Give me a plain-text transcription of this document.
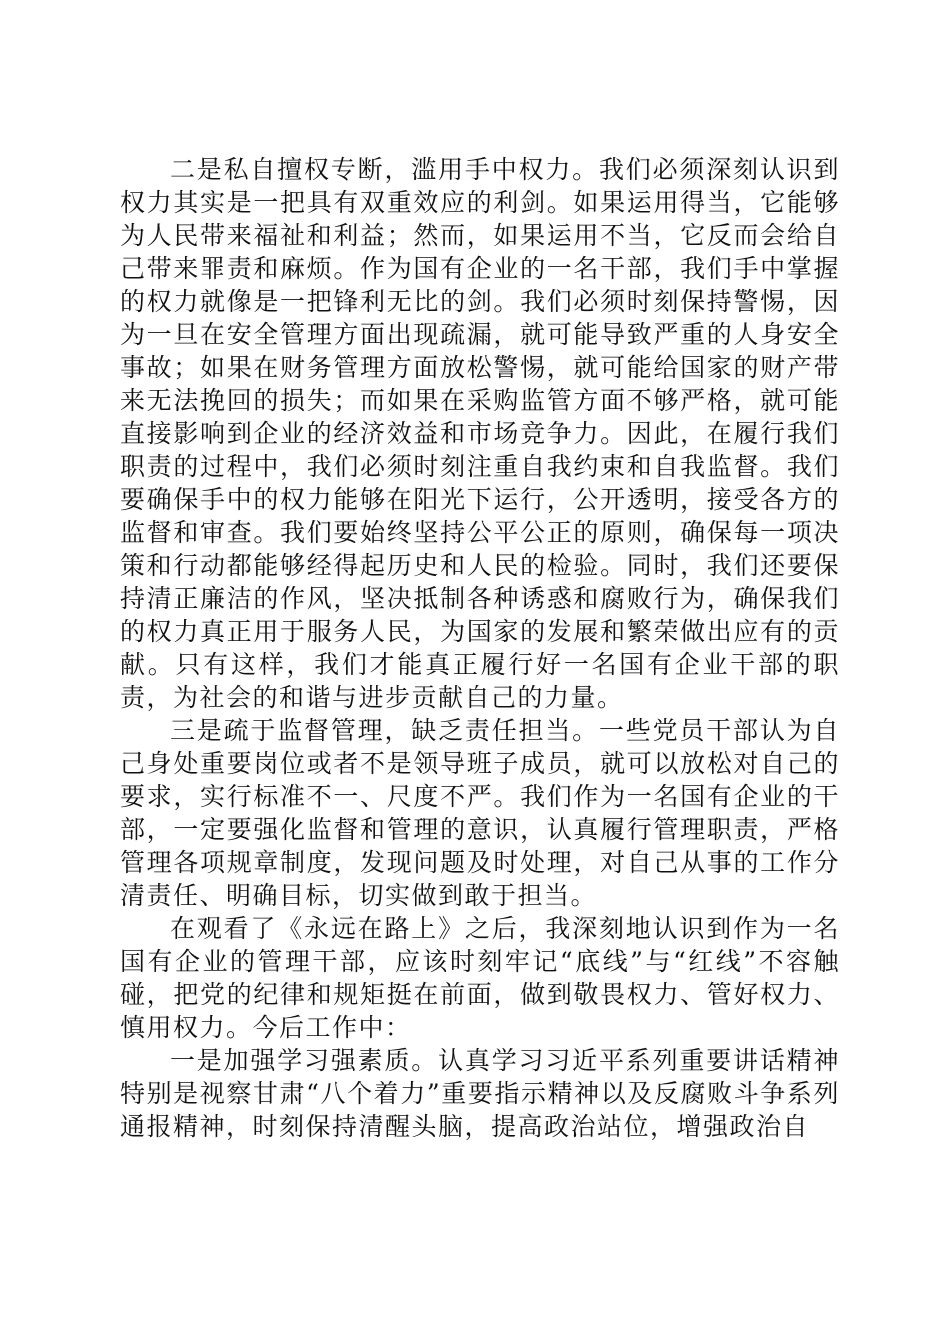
二是私自擅权专断，滥用手中权力。我们必须深刻认识到权力其实是一把具有双重效应的利剑。如果运用得当，它能够为人民带来福祉和利益；然而，如果运用不当，它反而会给自己带来罪责和麻烦。作为国有企业的一名干部，我们手中掌握的权力就像是一把锋利无比的剑。我们必须时刻保持警惕，因为一旦在安全管理方面出现疏漏，就可能导致严重的人身安全事故；如果在财务管理方面放松警惕，就可能给国家的财产带来无法挽回的损失；而如果在采购监管方面不够严格，就可能直接影响到企业的经济效益和市场竞争力。因此，在履行我们职责的过程中，我们必须时刻注重自我约束和自我监督。我们要确保手中的权力能够在阳光下运行，公开透明，接受各方的监督和审查。我们要始终坚持公平公正的原则，确保每一项决策和行动都能够经得起历史和人民的检验。同时，我们还要保持清正廉洁的作风，坚决抵制各种诱惑和腐败行为，确保我们的权力真正用于服务人民，为国家的发展和繁荣做出应有的贡献。只有这样，我们才能真正履行好一名国有企业干部的职责，为社会的和谐与进步贡献自己的力量。

三是疏于监督管理，缺乏责任担当。一些党员干部认为自己身处重要岗位或者不是领导班子成员，就可以放松对自己的要求，实行标准不一、尺度不严。我们作为一名国有企业的干部，一定要强化监督和管理的意识，认真履行管理职责，严格管理各项规章制度，发现问题及时处理，对自己从事的工作分清责任、明确目标，切实做到敢于担当。

在观看了《永远在路上》之后，我深刻地认识到作为一名国有企业的管理干部，应该时刻牢记“底线”与“红线”不容触碰，把党的纪律和规矩挺在前面，做到敬畏权力、管好权力、慎用权力。今后工作中：

一是加强学习强素质。认真学习习近平系列重要讲话精神特别是视察甘肃“八个着力”重要指示精神以及反腐败斗争系列通报精神，时刻保持清醒头脑，提高政治站位，增强政治自
